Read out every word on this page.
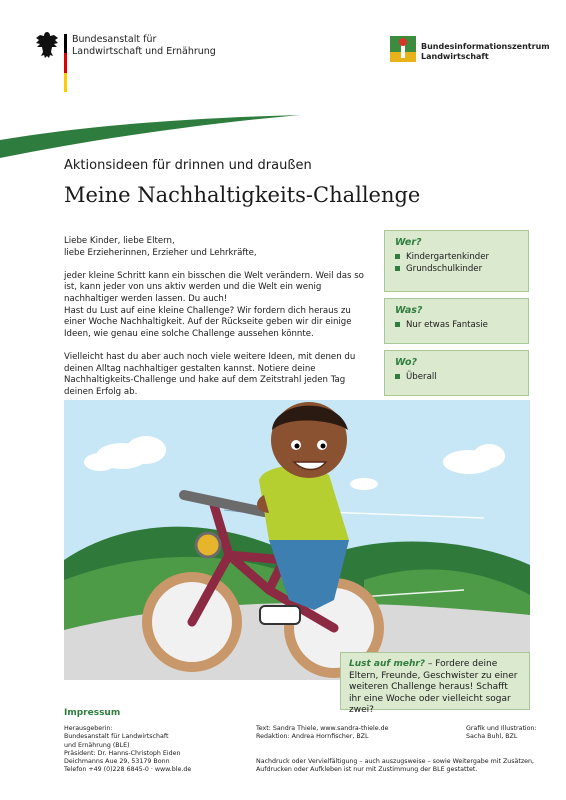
Bundesanstalt für
Landwirtschaft und Ernährung	Bundesinformationszentrum
Landwirtschaft
Aktionsideen für drinnen und draußen
Meine Nachhaltigkeits-Challenge

Liebe Kinder, liebe Eltern,
liebe Erzieherinnen, Erzieher und Lehrkräfte,

jeder kleine Schritt kann ein bisschen die Welt verändern. Weil das so ist, kann jeder von uns aktiv werden und die Welt ein wenig nachhaltiger werden lassen. Du auch!
Hast du Lust auf eine kleine Challenge? Wir fordern dich heraus zu einer Woche Nachhaltigkeit. Auf der Rückseite geben wir dir einige Ideen, wie genau eine solche Challenge aussehen könnte.

Vielleicht hast du aber auch noch viele weitere Ideen, mit denen du deinen Alltag nachhaltiger gestalten kannst. Notiere deine Nachhaltigkeits-Challenge und hake auf dem Zeitstrahl jeden Tag deinen Erfolg ab.

Wer?
Kindergartenkinder
Grundschulkinder
Was?
Nur etwas Fantasie
Wo?
Überall
Lust auf mehr? – Fordere deine Eltern, Freunde, Geschwister zu einer weiteren Challenge heraus! Schafft ihr eine Woche oder vielleicht sogar zwei?
Impressum
Herausgeberin:
Bundesanstalt für Landwirtschaft
und Ernährung (BLE)
Präsident: Dr. Hanns-Christoph Eiden
Deichmanns Aue 29, 53179 Bonn
Telefon +49 (0)228 6845-0 · www.ble.de
Text: Sandra Thiele, www.sandra-thiele.de
Redaktion: Andrea Hornfischer, BZL
Grafik und Illustration:
Sacha Buhl, BZL
Nachdruck oder Vervielfältigung – auch auszugsweise – sowie Weitergabe mit Zusätzen,
Aufdrucken oder Aufkleben ist nur mit Zustimmung der BLE gestattet.
